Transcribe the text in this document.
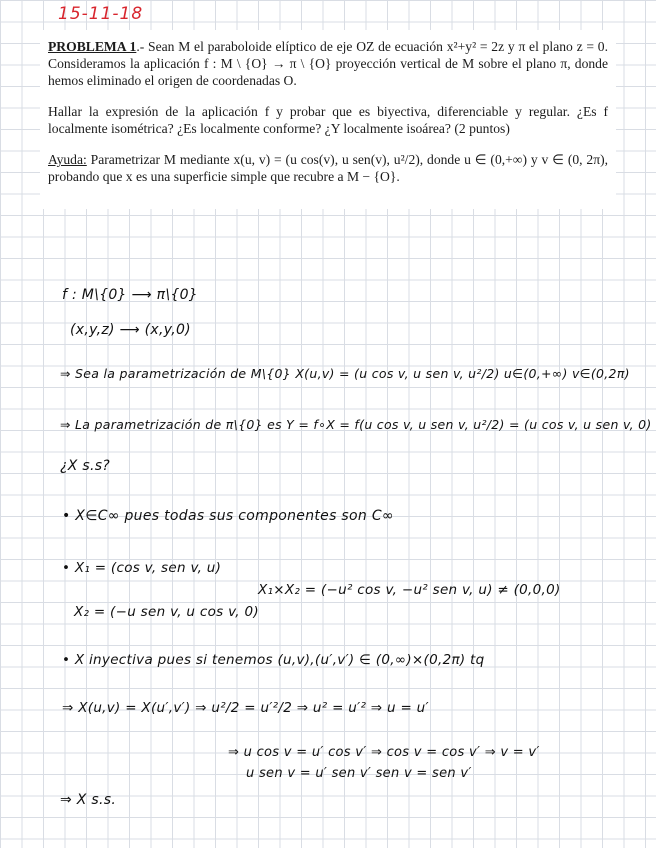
15-11-18

PROBLEMA 1.- Sean M el paraboloide elíptico de eje OZ de ecuación x²+y² = 2z y π el plano z = 0. Consideramos la aplicación f : M \ {O} → π \ {O} proyección vertical de M sobre el plano π, donde hemos eliminado el origen de coordenadas O.

Hallar la expresión de la aplicación f y probar que es biyectiva, diferenciable y regular. ¿Es f localmente isométrica? ¿Es localmente conforme? ¿Y localmente isoárea? (2 puntos)

Ayuda: Parametrizar M mediante x(u, v) = (u cos(v), u sen(v), u²/2), donde u ∈ (0,+∞) y v ∈ (0, 2π), probando que x es una superficie simple que recubre a M − {O}.

f : M\{0} ⟶ π\{0}
(x,y,z) ⟶ (x,y,0)
⇒ Sea la parametrización de M\{0} X(u,v) = (u cos v, u sen v, u²/2) u∈(0,+∞) v∈(0,2π)
⇒ La parametrización de π\{0} es Y = f∘X = f(u cos v, u sen v, u²/2) = (u cos v, u sen v, 0)
¿X s.s?
• X∈C∞ pues todas sus componentes son C∞
• X₁ = (cos v, sen v, u)
X₁×X₂ = (−u² cos v, −u² sen v, u) ≠ (0,0,0)
X₂ = (−u sen v, u cos v, 0)
• X inyectiva pues si tenemos (u,v),(u′,v′) ∈ (0,∞)×(0,2π) tq
⇒ X(u,v) = X(u′,v′) ⇒ u²/2 = u′²/2 ⇒ u² = u′² ⇒ u = u′
⇒ u cos v = u′ cos v′ ⇒ cos v = cos v′ ⇒ v = v′
u sen v = u′ sen v′ sen v = sen v′
⇒ X s.s.
